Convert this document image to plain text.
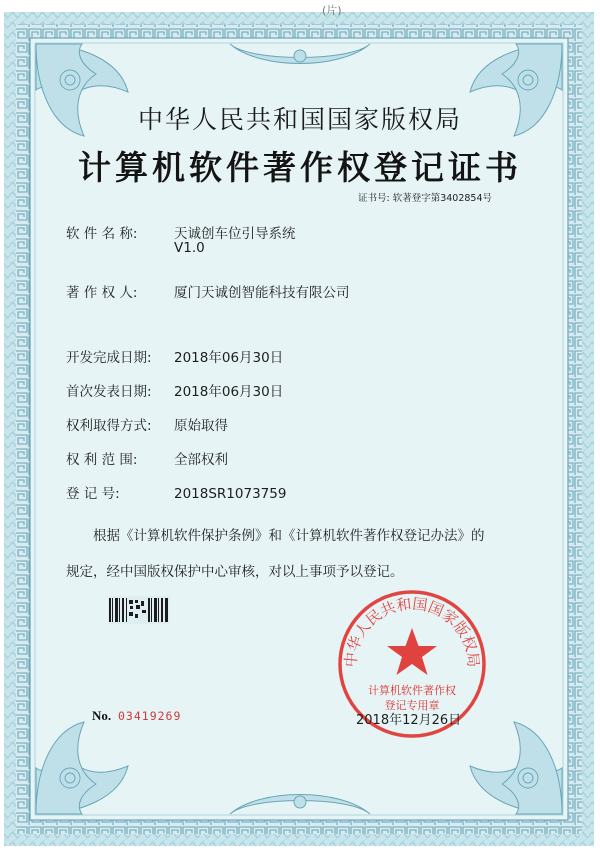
(片)
中华人民共和国国家版权局
计算机软件著作权登记证书
证书号: 软著登字第3402854号
软 件 名 称:	天诚创车位引导系统
V1.0
著 作 权 人:	厦门天诚创智能科技有限公司
开发完成日期: 2018年06月30日
首次发表日期: 2018年06月30日
权利取得方式: 原始取得
权 利 范 围:	全部权利
登 记 号:	2018SR1073759
根据《计算机软件保护条例》和《计算机软件著作权登记办法》的
规定，经中国版权保护中心审核，对以上事项予以登记。
中华人民共和国国家版权局
计算机软件著作权
登记专用章
No. 03419269	2018年12月26日
